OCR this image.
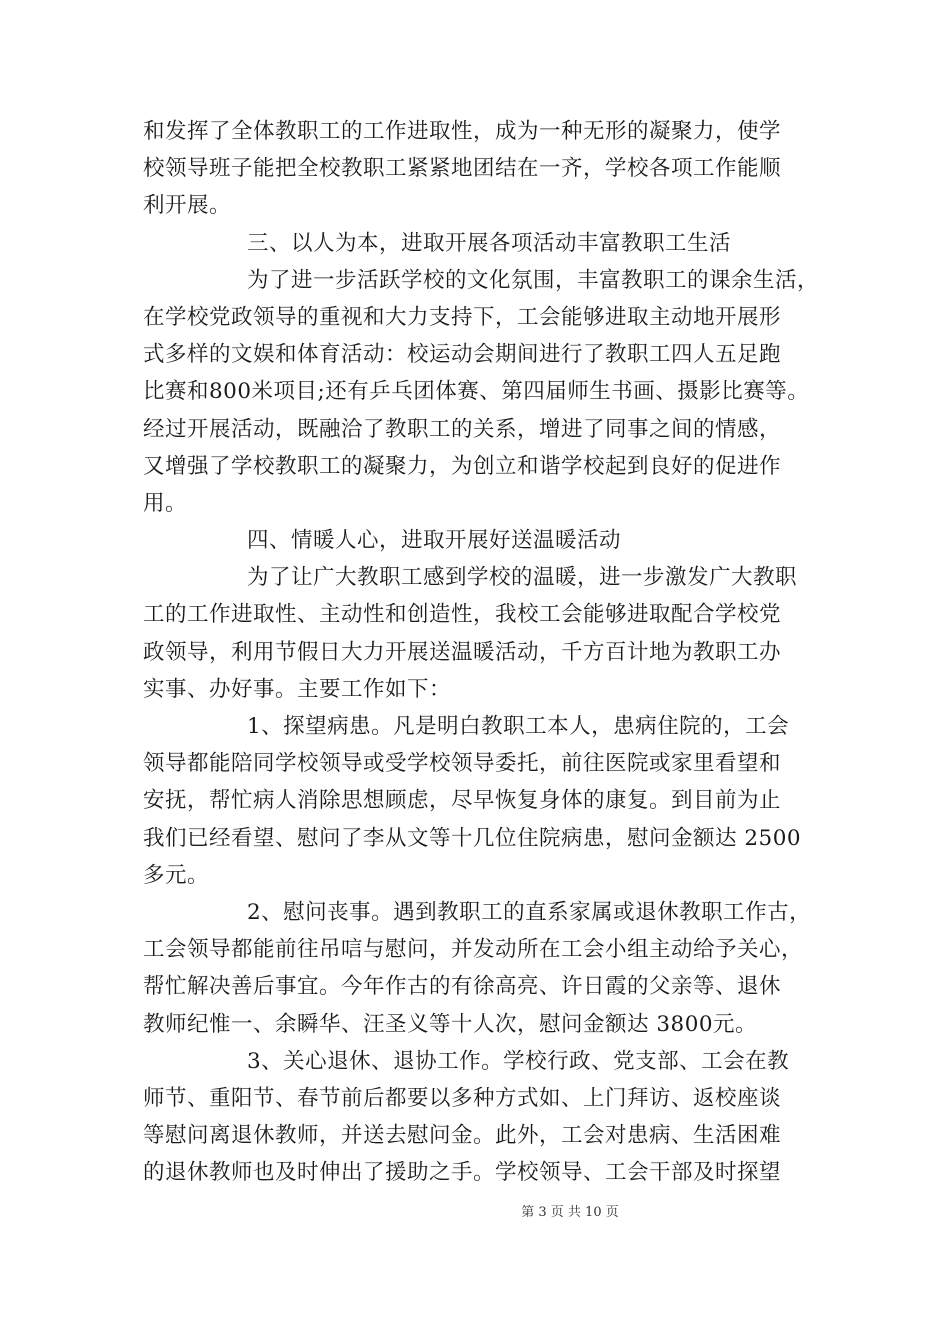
和发挥了全体教职工的工作进取性，成为一种无形的凝聚力，使学
校领导班子能把全校教职工紧紧地团结在一齐，学校各项工作能顺
利开展。
三、以人为本，进取开展各项活动丰富教职工生活
为了进一步活跃学校的文化氛围，丰富教职工的课余生活，
在学校党政领导的重视和大力支持下，工会能够进取主动地开展形
式多样的文娱和体育活动：校运动会期间进行了教职工四人五足跑
比赛和800米项目;还有乒乓团体赛、第四届师生书画、摄影比赛等。
经过开展活动，既融洽了教职工的关系，增进了同事之间的情感，
又增强了学校教职工的凝聚力，为创立和谐学校起到良好的促进作
用。
四、情暖人心，进取开展好送温暖活动
为了让广大教职工感到学校的温暖，进一步激发广大教职
工的工作进取性、主动性和创造性，我校工会能够进取配合学校党
政领导，利用节假日大力开展送温暖活动，千方百计地为教职工办
实事、办好事。主要工作如下：
1、探望病患。凡是明白教职工本人，患病住院的，工会
领导都能陪同学校领导或受学校领导委托，前往医院或家里看望和
安抚，帮忙病人消除思想顾虑，尽早恢复身体的康复。到目前为止
我们已经看望、慰问了李从文等十几位住院病患，慰问金额达 2500
多元。
2、慰问丧事。遇到教职工的直系家属或退休教职工作古，
工会领导都能前往吊唁与慰问，并发动所在工会小组主动给予关心，
帮忙解决善后事宜。今年作古的有徐高亮、许日霞的父亲等、退休
教师纪惟一、余瞬华、汪圣义等十人次，慰问金额达 3800元。
3、关心退休、退协工作。学校行政、党支部、工会在教
师节、重阳节、春节前后都要以多种方式如、上门拜访、返校座谈
等慰问离退休教师，并送去慰问金。此外，工会对患病、生活困难
的退休教师也及时伸出了援助之手。学校领导、工会干部及时探望
第 3 页 共 10 页
